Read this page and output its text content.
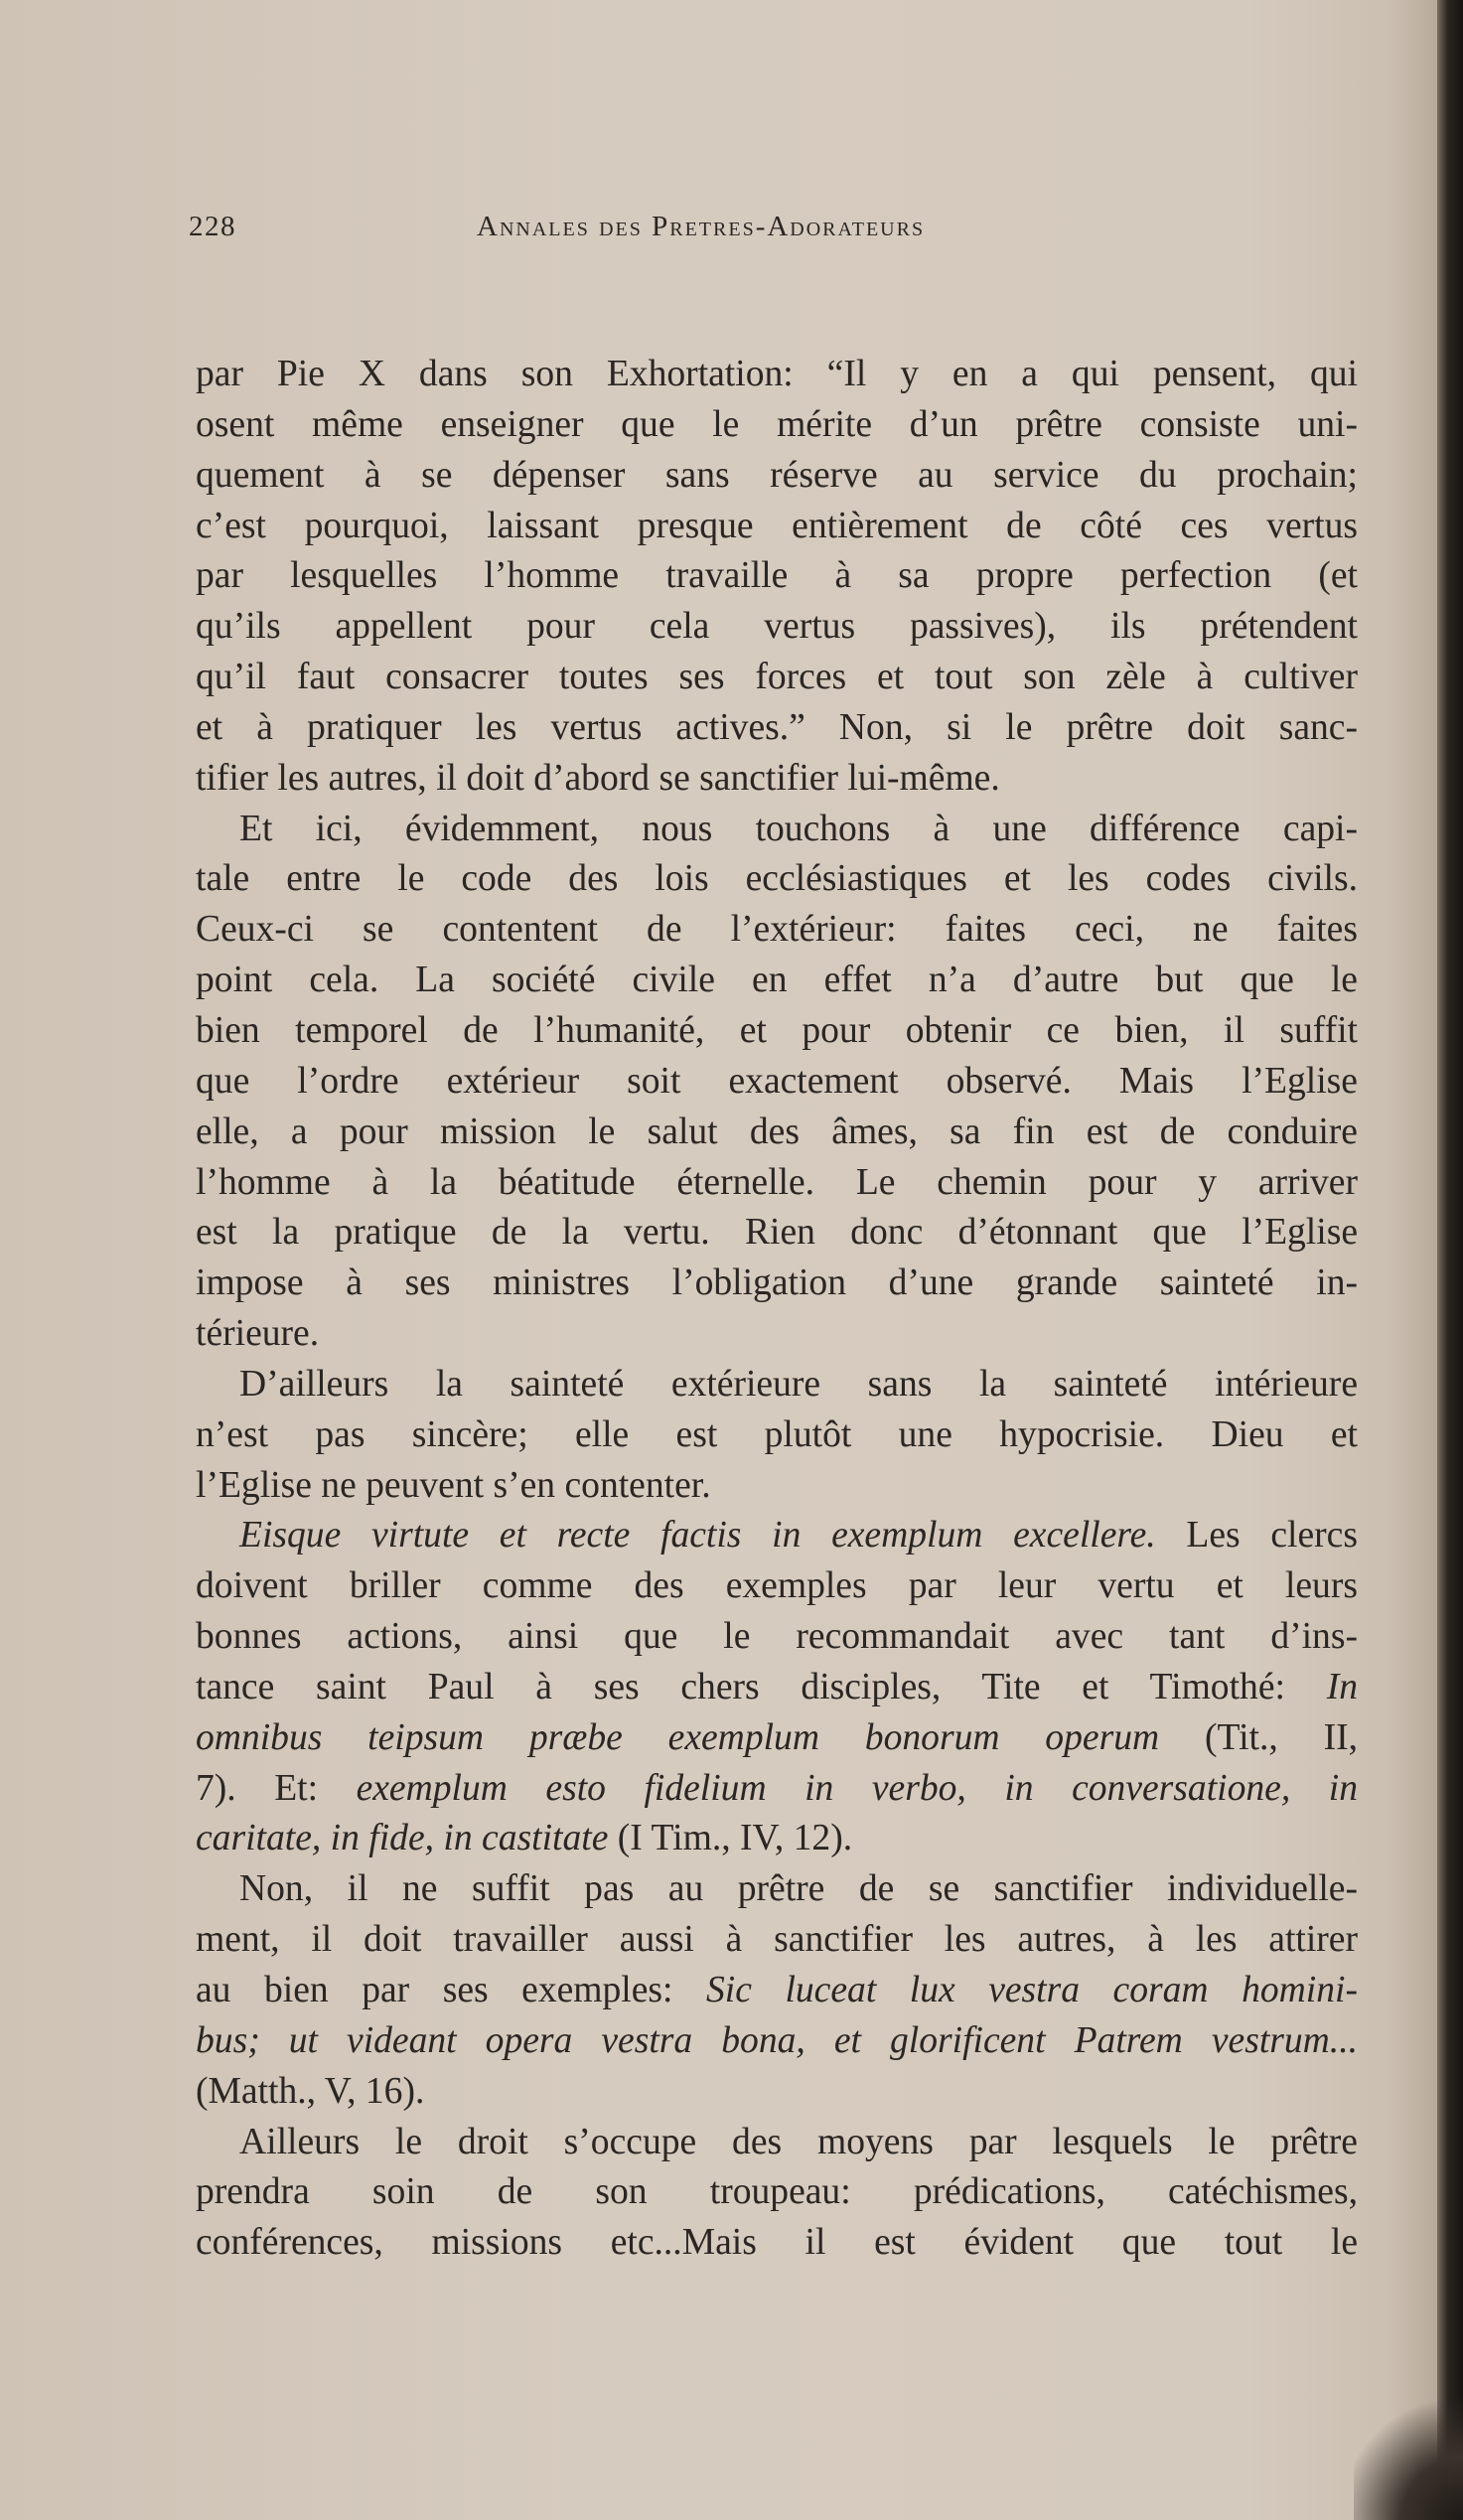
228	Annales des Pretres-Adorateurs
par Pie X dans son Exhortation: “Il y en a qui pensent, qui
osent même enseigner que le mérite d’un prêtre consiste uni-
quement à se dépenser sans réserve au service du prochain;
c’est pourquoi, laissant presque entièrement de côté ces vertus
par lesquelles l’homme travaille à sa propre perfection (et
qu’ils appellent pour cela vertus passives), ils prétendent
qu’il faut consacrer toutes ses forces et tout son zèle à cultiver
et à pratiquer les vertus actives.” Non, si le prêtre doit sanc-
tifier les autres, il doit d’abord se sanctifier lui-même.
Et ici, évidemment, nous touchons à une différence capi-
tale entre le code des lois ecclésiastiques et les codes civils.
Ceux-ci se contentent de l’extérieur: faites ceci, ne faites
point cela. La société civile en effet n’a d’autre but que le
bien temporel de l’humanité, et pour obtenir ce bien, il suffit
que l’ordre extérieur soit exactement observé. Mais l’Eglise
elle, a pour mission le salut des âmes, sa fin est de conduire
l’homme à la béatitude éternelle. Le chemin pour y arriver
est la pratique de la vertu. Rien donc d’étonnant que l’Eglise
impose à ses ministres l’obligation d’une grande sainteté in-
térieure.
D’ailleurs la sainteté extérieure sans la sainteté intérieure
n’est pas sincère; elle est plutôt une hypocrisie. Dieu et
l’Eglise ne peuvent s’en contenter.
Eisque virtute et recte factis in exemplum excellere. Les clercs
doivent briller comme des exemples par leur vertu et leurs
bonnes actions, ainsi que le recommandait avec tant d’ins-
tance saint Paul à ses chers disciples, Tite et Timothé: In
omnibus teipsum præbe exemplum bonorum operum (Tit., II,
7). Et: exemplum esto fidelium in verbo, in conversatione, in
caritate, in fide, in castitate (I Tim., IV, 12).
Non, il ne suffit pas au prêtre de se sanctifier individuelle-
ment, il doit travailler aussi à sanctifier les autres, à les attirer
au bien par ses exemples: Sic luceat lux vestra coram homini-
bus; ut videant opera vestra bona, et glorificent Patrem vestrum...
(Matth., V, 16).
Ailleurs le droit s’occupe des moyens par lesquels le prêtre
prendra soin de son troupeau: prédications, catéchismes,
conférences, missions etc...Mais il est évident que tout le
